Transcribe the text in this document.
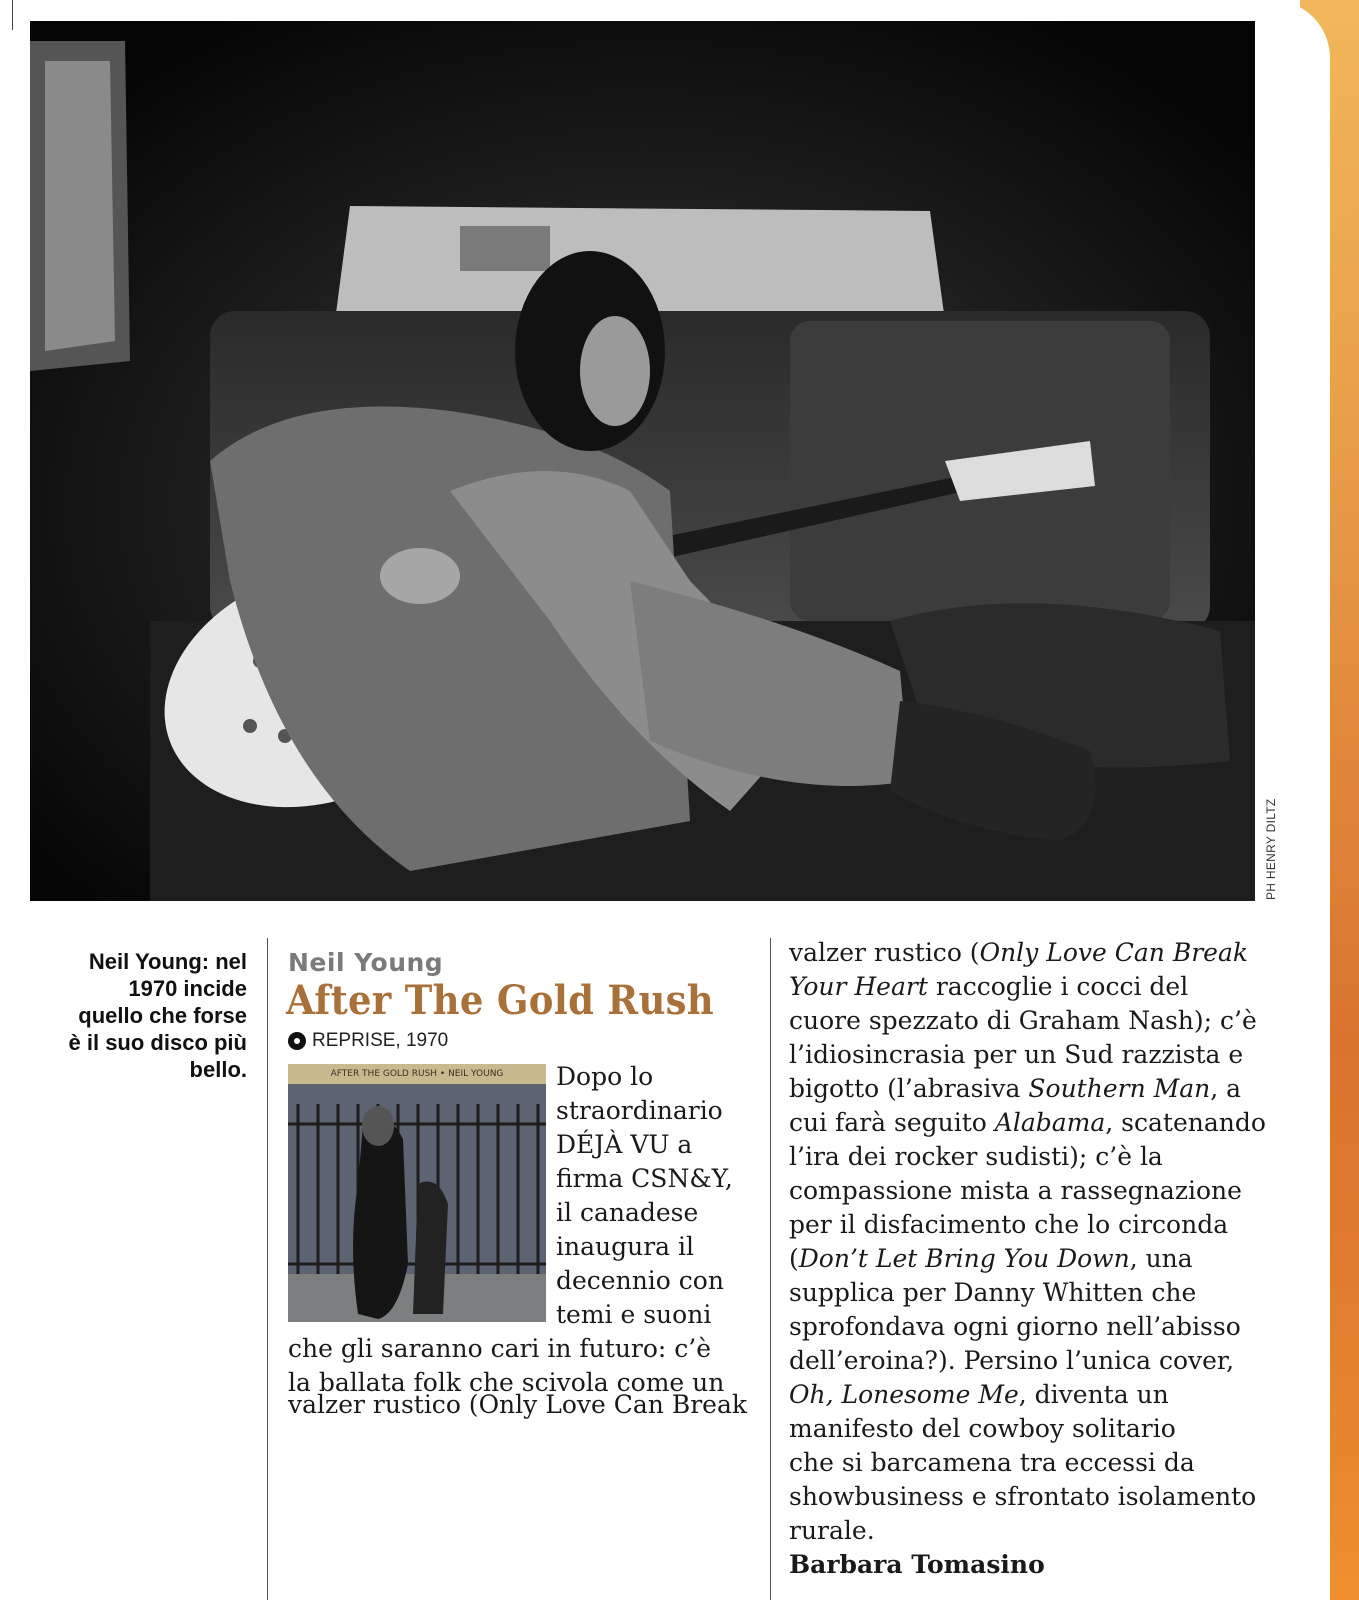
PH HENRY DILTZ
Neil Young: nel
1970 incide
quello che forse
è il suo disco più
bello.
Neil Young
After The Gold Rush
REPRISE, 1970
AFTER THE GOLD RUSH • NEIL YOUNG	Dopo lo
straordinario
DÉJÀ VU a
firma CSN&Y,
il canadese
inaugura il
decennio con
temi e suoni
che gli saranno cari in futuro: c’è
la ballata folk che scivola come un
valzer rustico (Only Love Can Break
valzer rustico (Only Love Can Break
Your Heart raccoglie i cocci del
cuore spezzato di Graham Nash); c’è
l’idiosincrasia per un Sud razzista e
bigotto (l’abrasiva Southern Man, a
cui farà seguito Alabama, scatenando
l’ira dei rocker sudisti); c’è la
compassione mista a rassegnazione
per il disfacimento che lo circonda
(Don’t Let Bring You Down, una
supplica per Danny Whitten che
sprofondava ogni giorno nell’abisso
dell’eroina?). Persino l’unica cover,
Oh, Lonesome Me, diventa un
manifesto del cowboy solitario
che si barcamena tra eccessi da
showbusiness e sfrontato isolamento
rurale.
Barbara Tomasino
